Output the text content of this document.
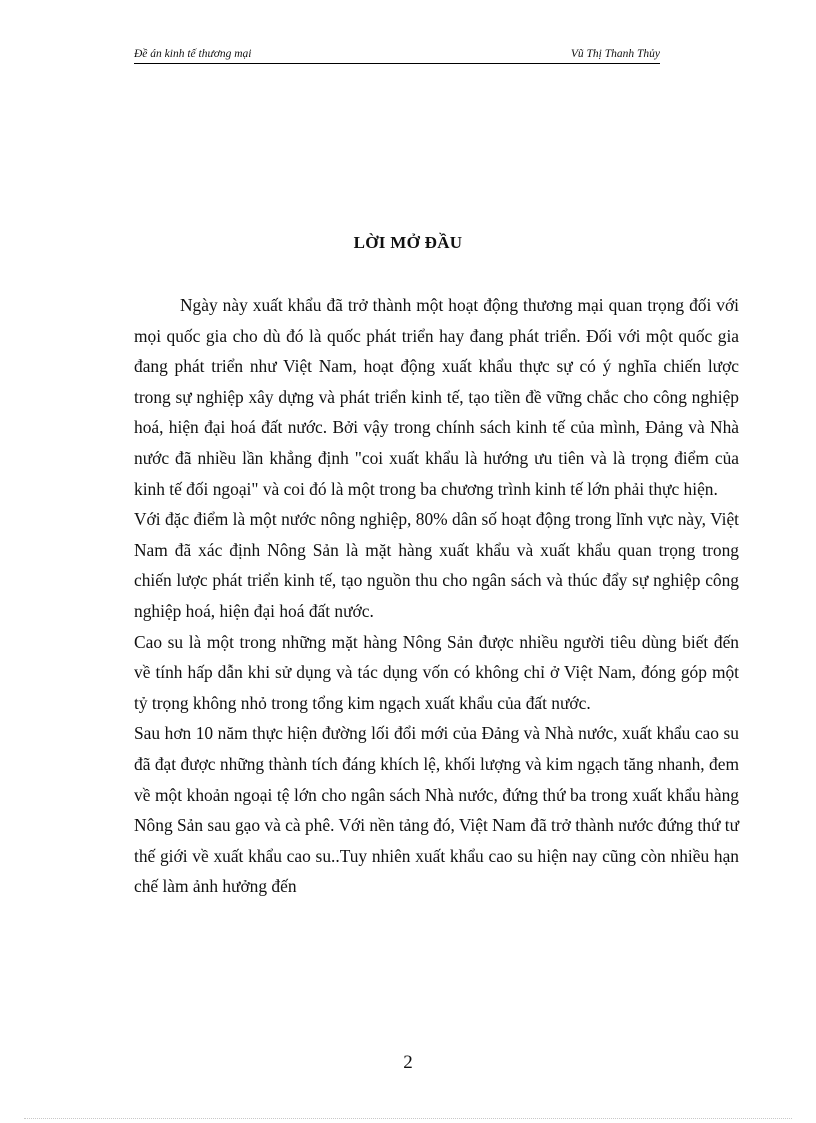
Đề án kinh tế thương mại	Vũ Thị Thanh Thủy
LỜI MỞ ĐẦU

Ngày này xuất khẩu đã trở thành một hoạt động thương mại quan trọng đối với mọi quốc gia cho dù đó là quốc phát triển hay đang phát triển. Đối với một quốc gia đang phát triển như Việt Nam, hoạt động xuất khẩu thực sự có ý nghĩa chiến lược trong sự nghiệp xây dựng và phát triển kinh tế, tạo tiền đề vững chắc cho công nghiệp hoá, hiện đại hoá đất nước. Bởi vậy trong chính sách kinh tế của mình, Đảng và Nhà nước đã nhiều lần khẳng định "coi xuất khẩu là hướng ưu tiên và là trọng điểm của kinh tế đối ngoại" và coi đó là một trong ba chương trình kinh tế lớn phải thực hiện.

Với đặc điểm là một nước nông nghiệp, 80% dân số hoạt động trong lĩnh vực này, Việt Nam đã xác định Nông Sản là mặt hàng xuất khẩu và xuất khẩu quan trọng trong chiến lược phát triển kinh tế, tạo nguồn thu cho ngân sách và thúc đẩy sự nghiệp công nghiệp hoá, hiện đại hoá đất nước.

Cao su là một trong những mặt hàng Nông Sản được nhiều người tiêu dùng biết đến về tính hấp dẫn khi sử dụng và tác dụng vốn có không chỉ ở Việt Nam, đóng góp một tỷ trọng không nhỏ trong tổng kim ngạch xuất khẩu của đất nước.

Sau hơn 10 năm thực hiện đường lối đổi mới của Đảng và Nhà nước, xuất khẩu cao su đã đạt được những thành tích đáng khích lệ, khối lượng và kim ngạch tăng nhanh, đem về một khoản ngoại tệ lớn cho ngân sách Nhà nước, đứng thứ ba trong xuất khẩu hàng Nông Sản sau gạo và cà phê. Với nền tảng đó, Việt Nam đã trở thành nước đứng thứ tư thế giới về xuất khẩu cao su..Tuy nhiên xuất khẩu cao su hiện nay cũng còn nhiều hạn chế làm ảnh hưởng đến

2
